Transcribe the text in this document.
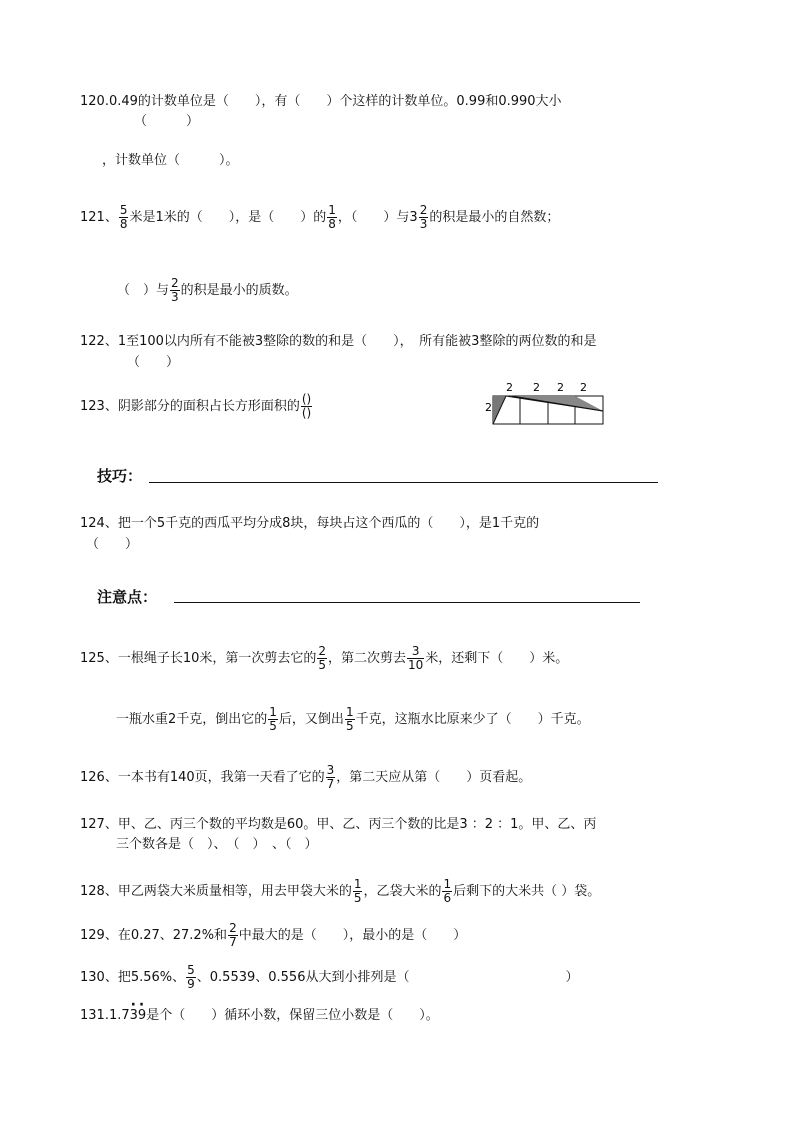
120.0.49的计数单位是（　　），有（　　）个这样的计数单位。0.99和0.990大小
（　　　）
，计数单位（　　　）。
121、 $\frac{5}{8}$ 米是1米的（　　），是（　　）的 $\frac{1}{8}$ ，（　　）与$3 \frac{2}{3}$ 的积是最小的自然数；
（　）与 $\frac{2}{3}$ 的积是最小的质数。
122、1至100以内所有不能被3整除的数的和是（　　），　所有能被3整除的两位数的和是
（　　）
123、阴影部分的面积占长方形面积的 ()
()
2 2 2 2
2
技巧：
124、把一个5千克的西瓜平均分成8块，每块占这个西瓜的（　　），是1千克的
（　　）
注意点：
125、一根绳子长10米，第一次剪去它的 $\frac{2}{5}$ ，第二次剪去 $\frac{3}{10}$ 米，还剩下（　　）米。
一瓶水重2千克，倒出它的 $\frac{1}{5}$ 后，又倒出 $\frac{1}{5}$ 千克，这瓶水比原来少了（　　）千克。
126、一本书有140页，我第一天看了它的 $\frac{3}{7}$ ，第二天应从第（　　）页看起。
127、甲、乙、丙三个数的平均数是60。甲、乙、丙三个数的比是3 ：2 ：1。甲、乙、丙
三个数各是（　）、　（　）　、（　）
128、甲乙两袋大米质量相等，用去甲袋大米的 $\frac{1}{5}$ ，乙袋大米的 $\frac{1}{6}$ 后剩下的大米共（ ）袋。
129、在0.27、27.2%和 $\frac{2}{7}$ 中最大的是（　　），最小的是（　　）
130、把5.56%、 $\frac{5}{9}$ 、0.5539、0.556从大到小排列是（　　　　　　　　　　　　）
131.1.7· 3· 9是个（　　）循环小数，保留三位小数是（　　）。
